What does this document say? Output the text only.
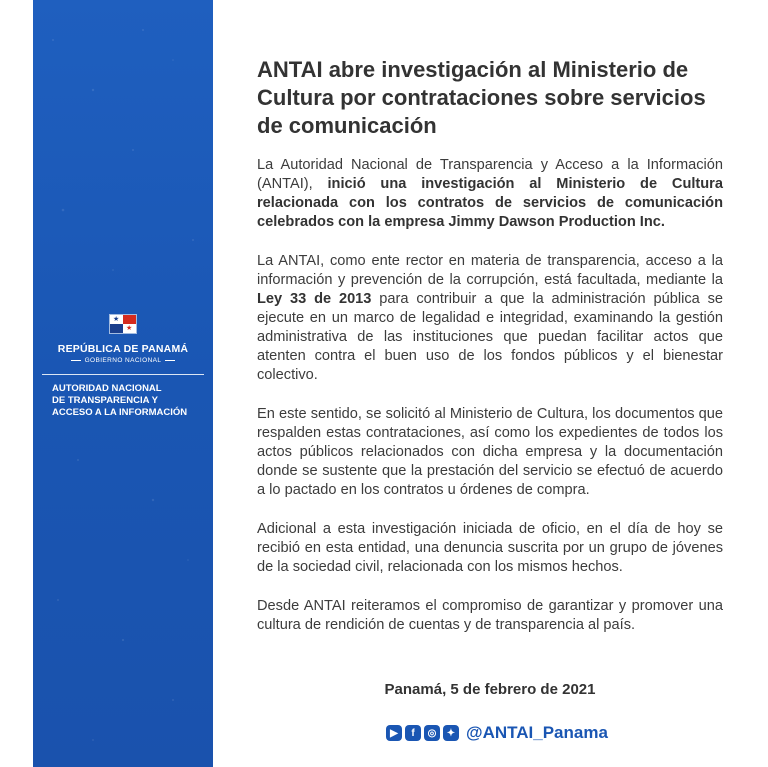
★
★
REPÚBLICA DE PANAMÁ
GOBIERNO NACIONAL
AUTORIDAD NACIONAL
DE TRANSPARENCIA Y
ACCESO A LA INFORMACIÓN
ANTAI abre investigación al Ministerio de Cultura por contrataciones sobre servicios de comunicación

La Autoridad Nacional de Transparencia y Acceso a la Información (ANTAI), inició una investigación al Ministerio de Cultura relacionada con los contratos de servicios de comunicación celebrados con la empresa Jimmy Dawson Production Inc.

La ANTAI, como ente rector en materia de transparencia, acceso a la información y prevención de la corrupción, está facultada, mediante la Ley 33 de 2013 para contribuir a que la administración pública se ejecute en un marco de legalidad e integridad, examinando la gestión administrativa de las instituciones que puedan facilitar actos que atenten contra el buen uso de los fondos públicos y el bienestar colectivo.

En este sentido, se solicitó al Ministerio de Cultura, los documentos que respalden estas contrataciones, así como los expedientes de todos los actos públicos relacionados con dicha empresa y la documentación donde se sustente que la prestación del servicio se efectuó de acuerdo a lo pactado en los contratos u órdenes de compra.

Adicional a esta investigación iniciada de oficio, en el día de hoy se recibió en esta entidad, una denuncia suscrita por un grupo de jóvenes de la sociedad civil, relacionada con los mismos hechos.

Desde ANTAI reiteramos el compromiso de garantizar y promover una cultura de rendición de cuentas y de transparencia al país.

Panamá, 5 de febrero de 2021
▶	f	◎	✦ @ANTAI_Panama
